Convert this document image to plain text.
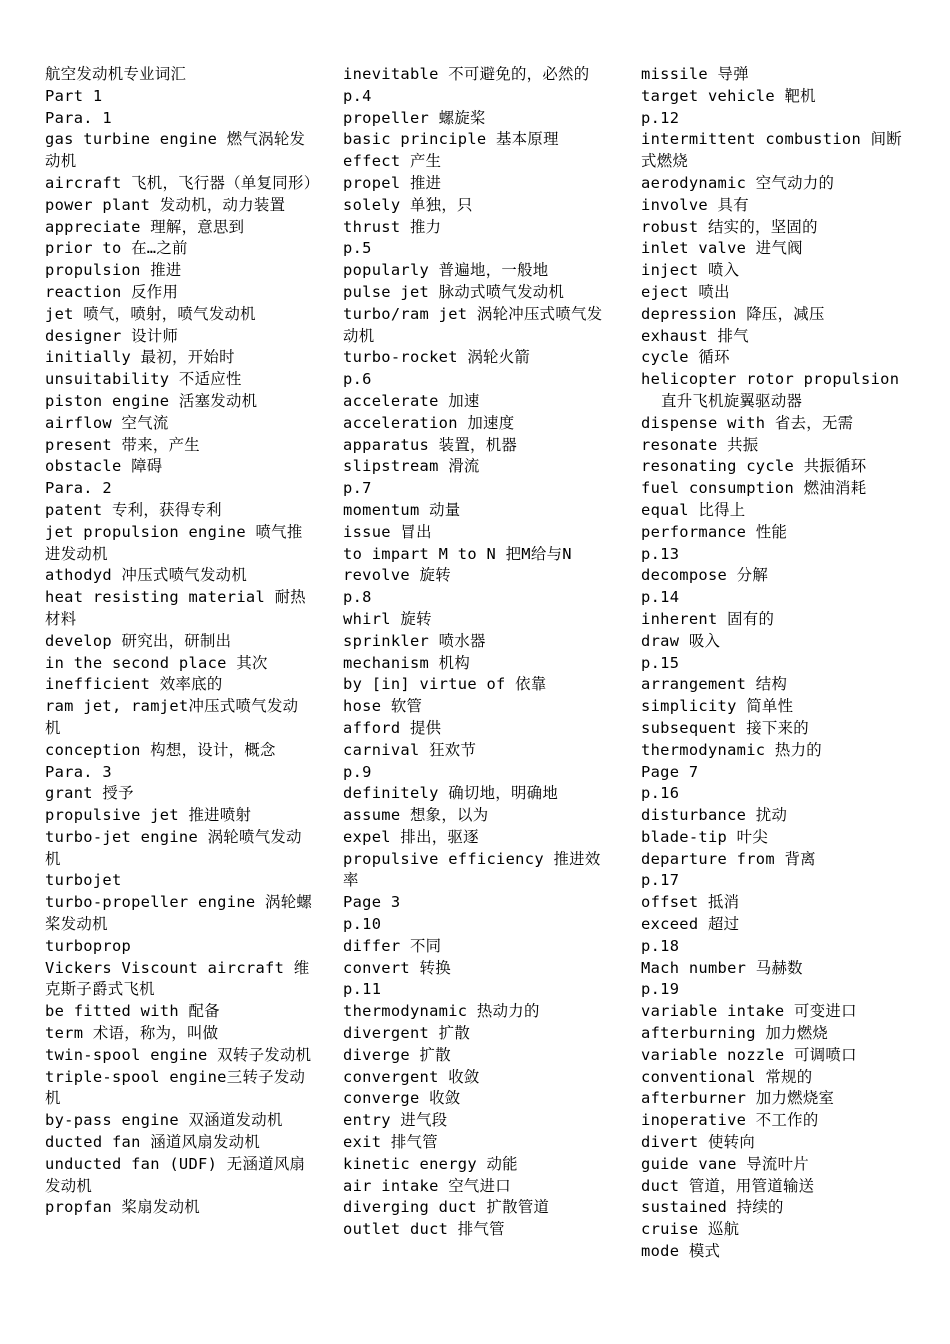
航空发动机专业词汇
Part 1
Para. 1
gas turbine engine 燃气涡轮发动机
aircraft 飞机，飞行器（单复同形）
power plant 发动机，动力装置
appreciate 理解，意思到
prior to 在…之前
propulsion 推进
reaction 反作用
jet 喷气，喷射，喷气发动机
designer 设计师
initially 最初，开始时
unsuitability 不适应性
piston engine 活塞发动机
airflow 空气流
present 带来，产生
obstacle 障碍
Para. 2
patent 专利，获得专利
jet propulsion engine 喷气推进发动机
athodyd 冲压式喷气发动机
heat resisting material 耐热材料
develop 研究出，研制出
in the second place 其次
inefficient 效率底的
ram jet, ramjet冲压式喷气发动机
conception 构想，设计，概念
Para. 3
grant 授予
propulsive jet 推进喷射
turbo-jet engine 涡轮喷气发动机
turbojet
turbo-propeller engine 涡轮螺桨发动机
turboprop
Vickers Viscount aircraft 维克斯子爵式飞机
be fitted with 配备
term 术语，称为，叫做
twin-spool engine 双转子发动机
triple-spool engine三转子发动机
by-pass engine 双涵道发动机
ducted fan 涵道风扇发动机
unducted fan (UDF) 无涵道风扇发动机
propfan 桨扇发动机
inevitable 不可避免的，必然的
p.4
propeller 螺旋桨
basic principle 基本原理
effect 产生
propel 推进
solely 单独，只
thrust 推力
p.5
popularly 普遍地，一般地
pulse jet 脉动式喷气发动机
turbo/ram jet 涡轮冲压式喷气发动机
turbo-rocket 涡轮火箭
p.6
accelerate 加速
acceleration 加速度
apparatus 装置，机器
slipstream 滑流
p.7
momentum 动量
issue 冒出
to impart M to N 把M给与N
revolve 旋转
p.8
whirl 旋转
sprinkler 喷水器
mechanism 机构
by [in] virtue of 依靠
hose 软管
afford 提供
carnival 狂欢节
p.9
definitely 确切地，明确地
assume 想象，以为
expel 排出，驱逐
propulsive efficiency 推进效率
Page 3
p.10
differ 不同
convert 转换
p.11
thermodynamic 热动力的
divergent 扩散
diverge 扩散
convergent 收敛
converge 收敛
entry 进气段
exit 排气管
kinetic energy 动能
air intake 空气进口
diverging duct 扩散管道
outlet duct 排气管
missile 导弹
target vehicle 靶机
p.12
intermittent combustion 间断式燃烧
aerodynamic 空气动力的
involve 具有
robust 结实的，坚固的
inlet valve 进气阀
inject 喷入
eject 喷出
depression 降压，减压
exhaust 排气
cycle 循环
helicopter rotor propulsion 直升飞机旋翼驱动器
dispense with 省去，无需
resonate 共振
resonating cycle 共振循环
fuel consumption 燃油消耗
equal 比得上
performance 性能
p.13
decompose 分解
p.14
inherent 固有的
draw 吸入
p.15
arrangement 结构
simplicity 简单性
subsequent 接下来的
thermodynamic 热力的
Page 7
p.16
disturbance 扰动
blade-tip 叶尖
departure from 背离
p.17
offset 抵消
exceed 超过
p.18
Mach number 马赫数
p.19
variable intake 可变进口
afterburning 加力燃烧
variable nozzle 可调喷口
conventional 常规的
afterburner 加力燃烧室
inoperative 不工作的
divert 使转向
guide vane 导流叶片
duct 管道，用管道输送
sustained 持续的
cruise 巡航
mode 模式
